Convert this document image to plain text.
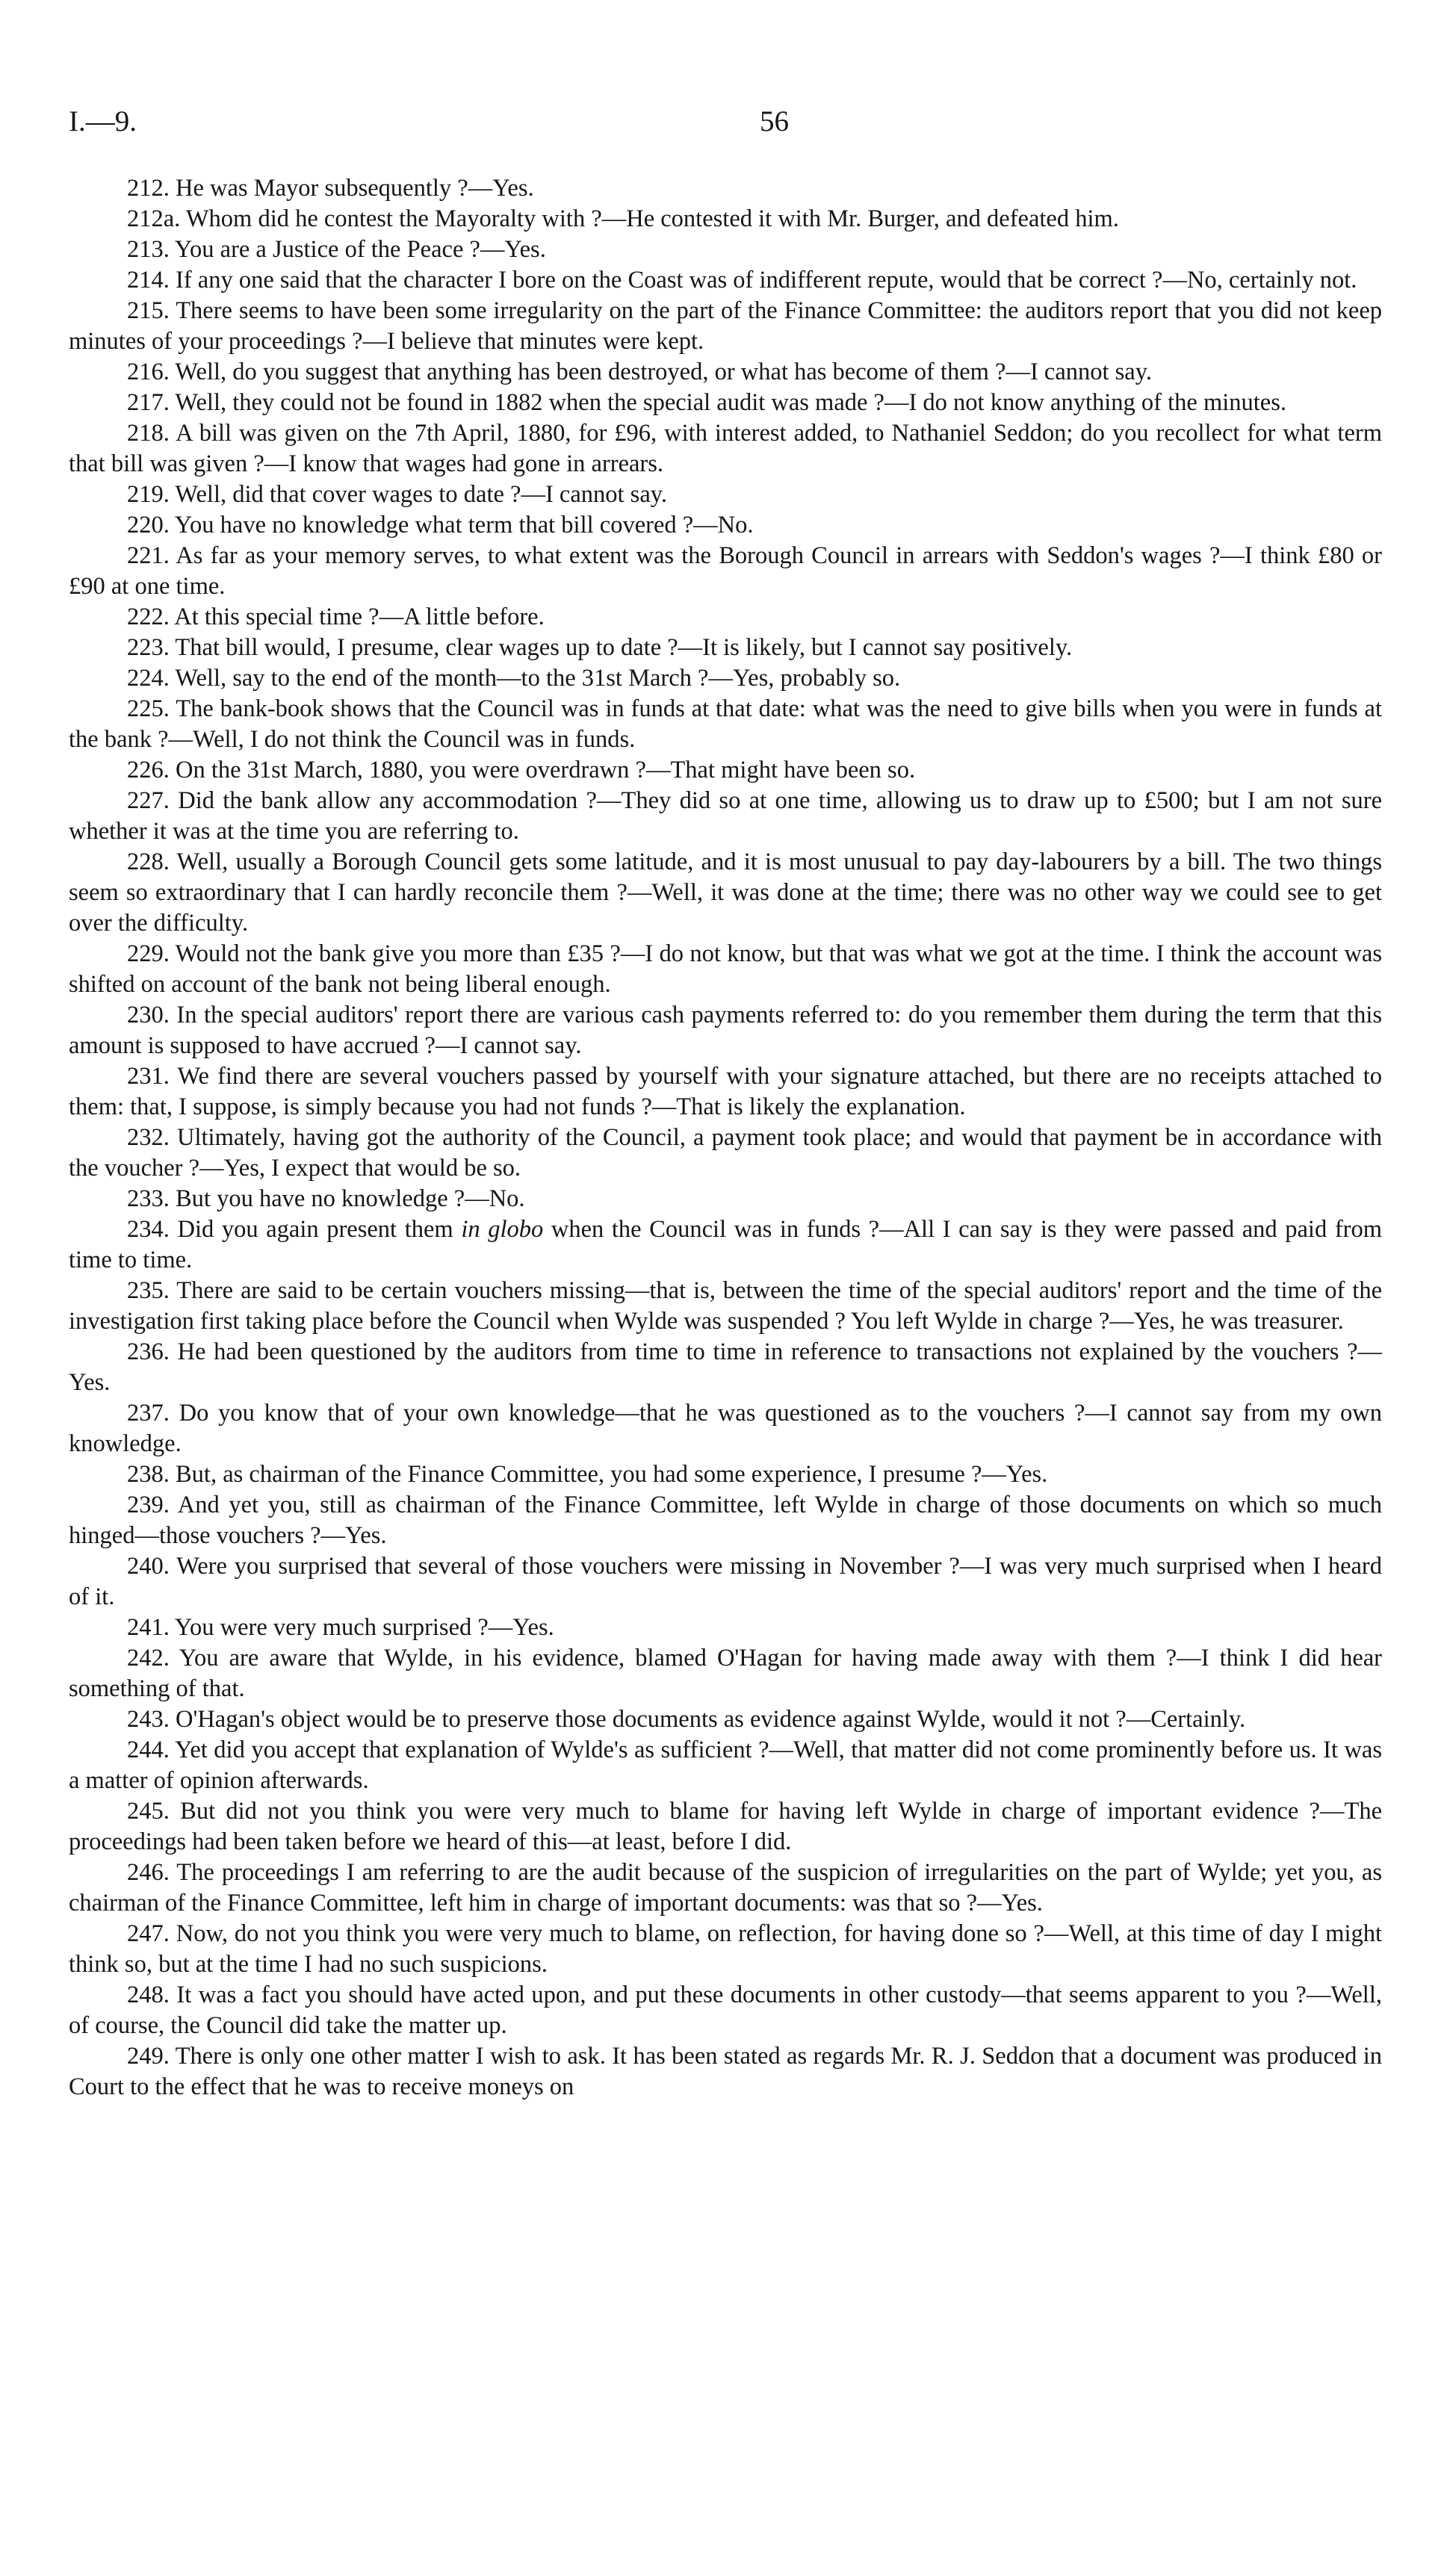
I.—9.	56

212. He was Mayor subsequently ?—Yes.

212a. Whom did he contest the Mayoralty with ?—He contested it with Mr. Burger, and defeated him.

213. You are a Justice of the Peace ?—Yes.

214. If any one said that the character I bore on the Coast was of indifferent repute, would that be correct ?—No, certainly not.

215. There seems to have been some irregularity on the part of the Finance Committee: the auditors report that you did not keep minutes of your proceedings ?—I believe that minutes were kept.

216. Well, do you suggest that anything has been destroyed, or what has become of them ?—I cannot say.

217. Well, they could not be found in 1882 when the special audit was made ?—I do not know anything of the minutes.

218. A bill was given on the 7th April, 1880, for £96, with interest added, to Nathaniel Seddon; do you recollect for what term that bill was given ?—I know that wages had gone in arrears.

219. Well, did that cover wages to date ?—I cannot say.

220. You have no knowledge what term that bill covered ?—No.

221. As far as your memory serves, to what extent was the Borough Council in arrears with Seddon's wages ?—I think £80 or £90 at one time.

222. At this special time ?—A little before.

223. That bill would, I presume, clear wages up to date ?—It is likely, but I cannot say positively.

224. Well, say to the end of the month—to the 31st March ?—Yes, probably so.

225. The bank-book shows that the Council was in funds at that date: what was the need to give bills when you were in funds at the bank ?—Well, I do not think the Council was in funds.

226. On the 31st March, 1880, you were overdrawn ?—That might have been so.

227. Did the bank allow any accommodation ?—They did so at one time, allowing us to draw up to £500; but I am not sure whether it was at the time you are referring to.

228. Well, usually a Borough Council gets some latitude, and it is most unusual to pay day-labourers by a bill. The two things seem so extraordinary that I can hardly reconcile them ?—Well, it was done at the time; there was no other way we could see to get over the difficulty.

229. Would not the bank give you more than £35 ?—I do not know, but that was what we got at the time. I think the account was shifted on account of the bank not being liberal enough.

230. In the special auditors' report there are various cash payments referred to: do you remember them during the term that this amount is supposed to have accrued ?—I cannot say.

231. We find there are several vouchers passed by yourself with your signature attached, but there are no receipts attached to them: that, I suppose, is simply because you had not funds ?—That is likely the explanation.

232. Ultimately, having got the authority of the Council, a payment took place; and would that payment be in accordance with the voucher ?—Yes, I expect that would be so.

233. But you have no knowledge ?—No.

234. Did you again present them in globo when the Council was in funds ?—All I can say is they were passed and paid from time to time.

235. There are said to be certain vouchers missing—that is, between the time of the special auditors' report and the time of the investigation first taking place before the Council when Wylde was suspended ? You left Wylde in charge ?—Yes, he was treasurer.

236. He had been questioned by the auditors from time to time in reference to transactions not explained by the vouchers ?—Yes.

237. Do you know that of your own knowledge—that he was questioned as to the vouchers ?—I cannot say from my own knowledge.

238. But, as chairman of the Finance Committee, you had some experience, I presume ?—Yes.

239. And yet you, still as chairman of the Finance Committee, left Wylde in charge of those documents on which so much hinged—those vouchers ?—Yes.

240. Were you surprised that several of those vouchers were missing in November ?—I was very much surprised when I heard of it.

241. You were very much surprised ?—Yes.

242. You are aware that Wylde, in his evidence, blamed O'Hagan for having made away with them ?—I think I did hear something of that.

243. O'Hagan's object would be to preserve those documents as evidence against Wylde, would it not ?—Certainly.

244. Yet did you accept that explanation of Wylde's as sufficient ?—Well, that matter did not come prominently before us. It was a matter of opinion afterwards.

245. But did not you think you were very much to blame for having left Wylde in charge of important evidence ?—The proceedings had been taken before we heard of this—at least, before I did.

246. The proceedings I am referring to are the audit because of the suspicion of irregularities on the part of Wylde; yet you, as chairman of the Finance Committee, left him in charge of important documents: was that so ?—Yes.

247. Now, do not you think you were very much to blame, on reflection, for having done so ?—Well, at this time of day I might think so, but at the time I had no such suspicions.

248. It was a fact you should have acted upon, and put these documents in other custody—that seems apparent to you ?—Well, of course, the Council did take the matter up.

249. There is only one other matter I wish to ask. It has been stated as regards Mr. R. J. Seddon that a document was produced in Court to the effect that he was to receive moneys on
